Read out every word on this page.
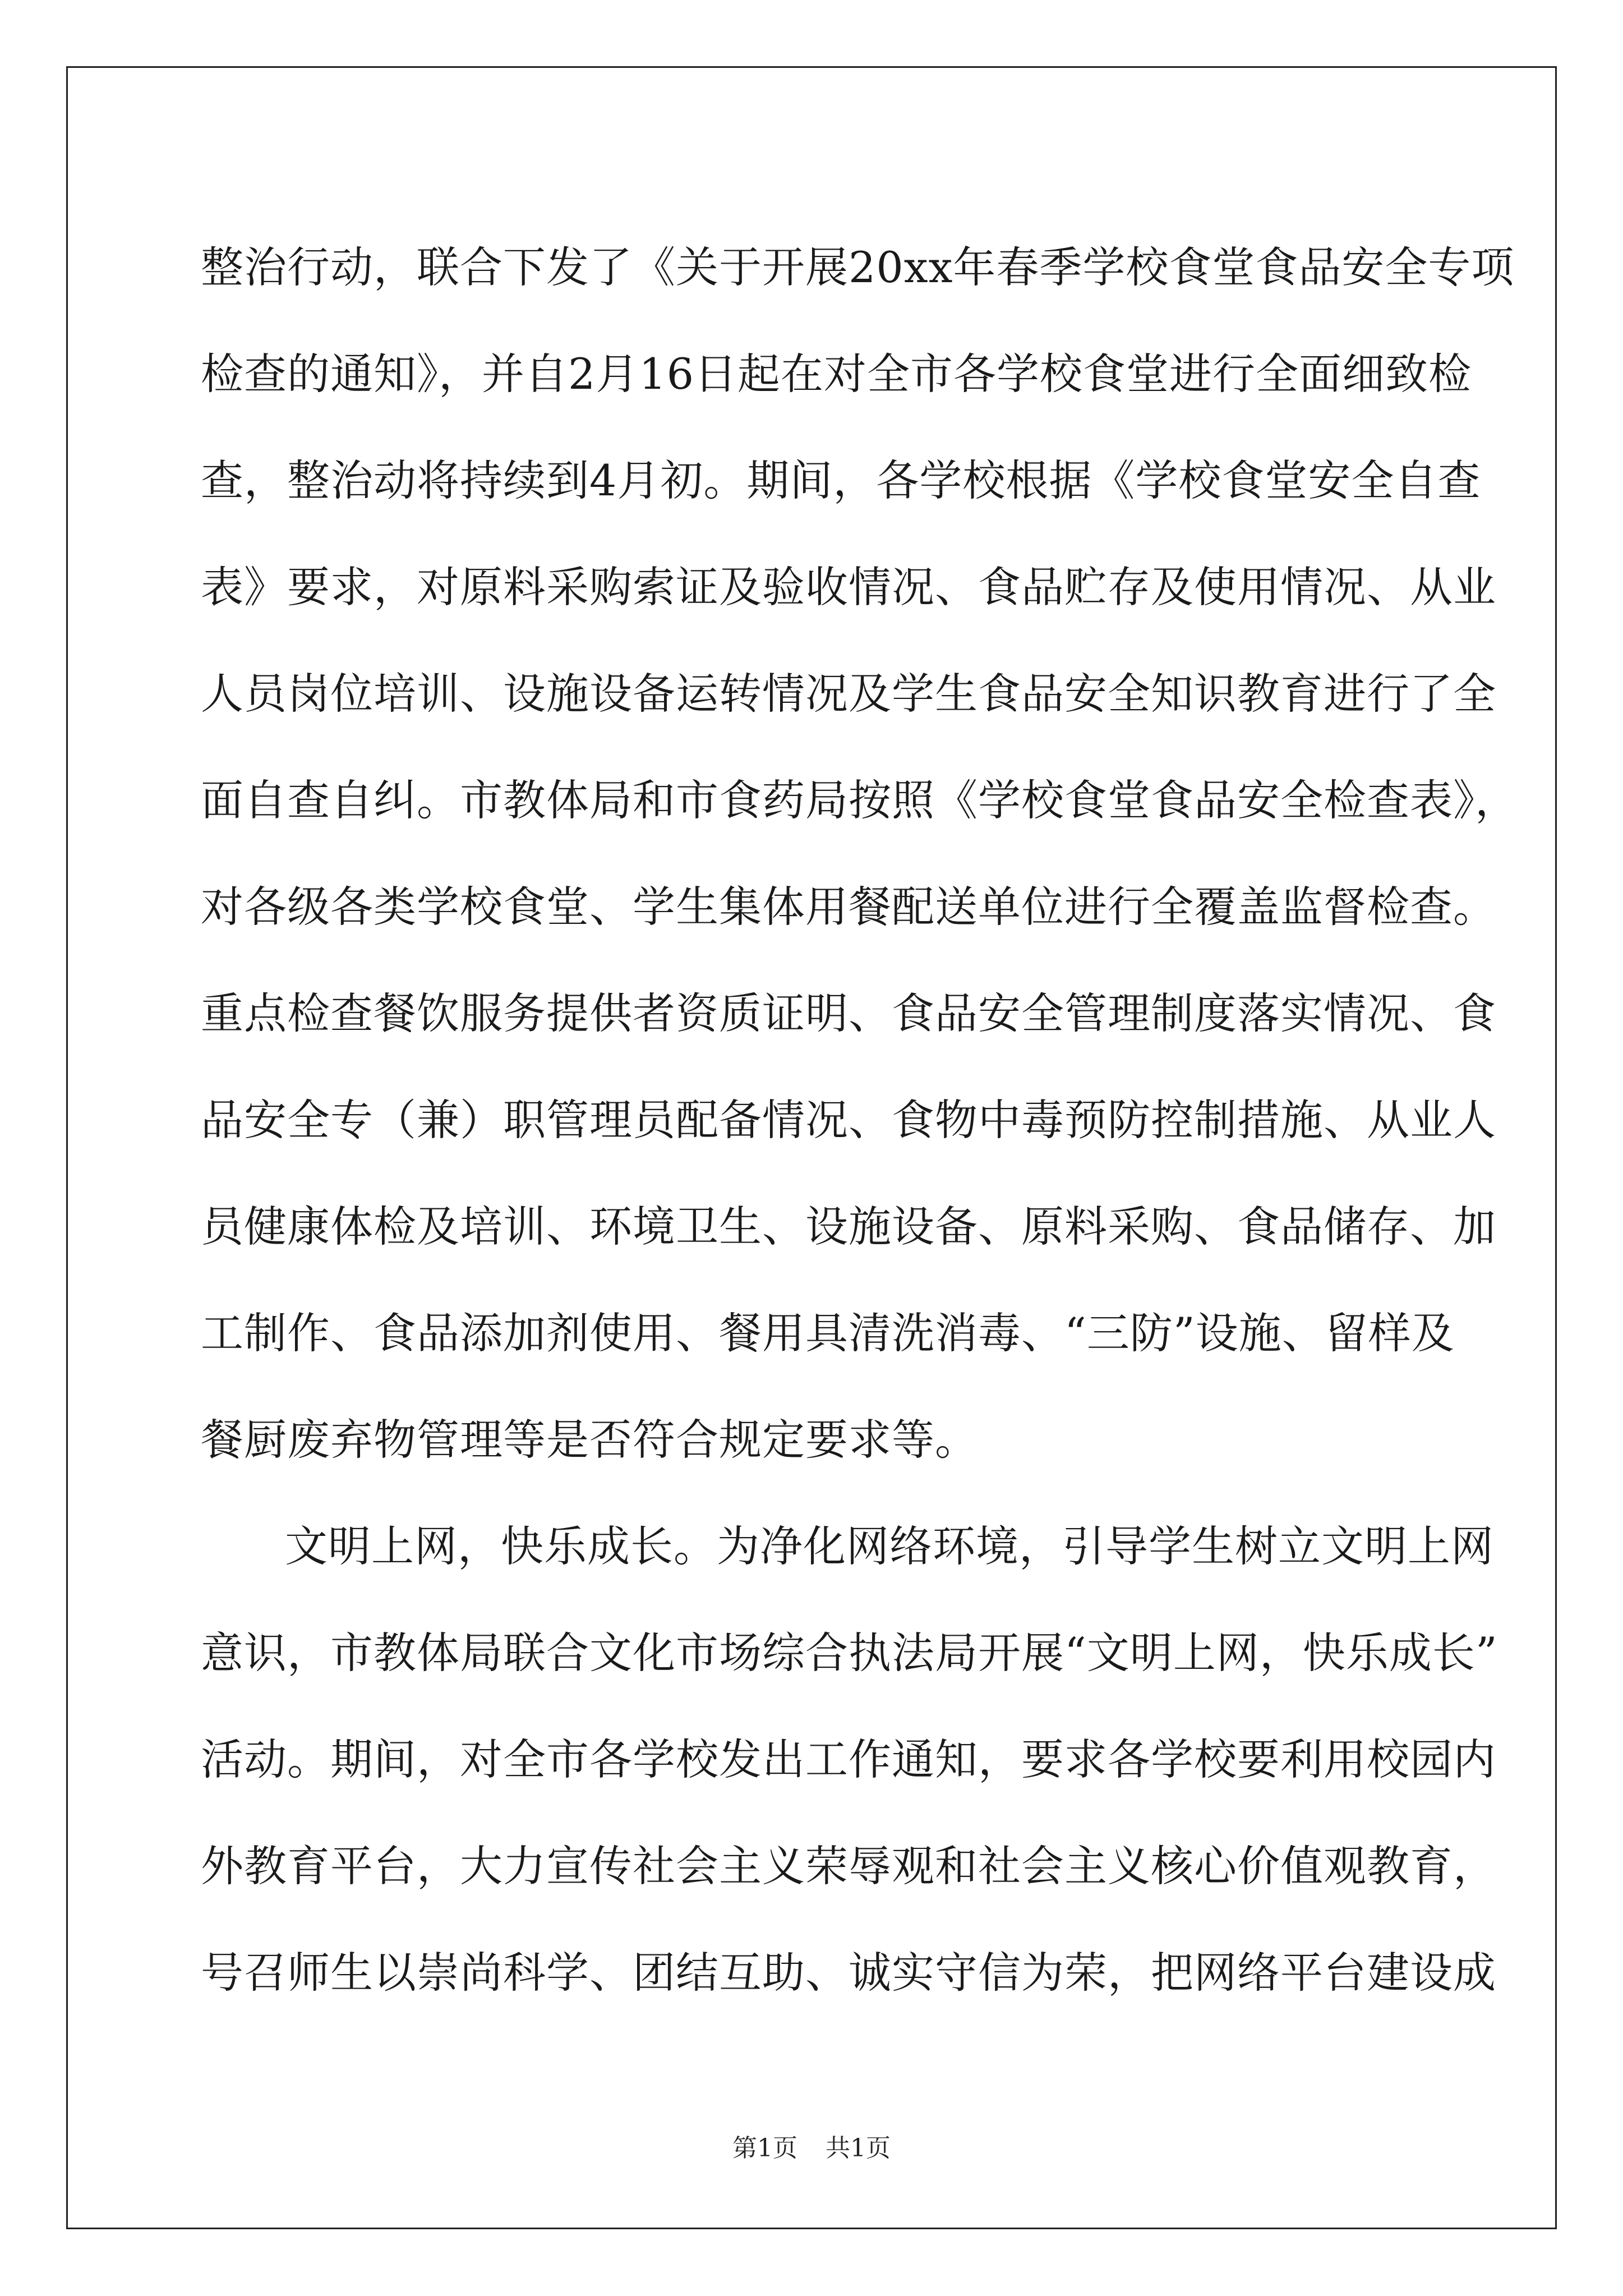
整治行动，联合下发了《关于开展20xx年春季学校食堂食品安全专项
检查的通知》，并自2月16日起在对全市各学校食堂进行全面细致检
查，整治动将持续到4月初。期间，各学校根据《学校食堂安全自查
表》要求，对原料采购索证及验收情况、食品贮存及使用情况、从业
人员岗位培训、设施设备运转情况及学生食品安全知识教育进行了全
面自查自纠。市教体局和市食药局按照《学校食堂食品安全检查表》，
对各级各类学校食堂、学生集体用餐配送单位进行全覆盖监督检查。
重点检查餐饮服务提供者资质证明、食品安全管理制度落实情况、食
品安全专（兼）职管理员配备情况、食物中毒预防控制措施、从业人
员健康体检及培训、环境卫生、设施设备、原料采购、食品储存、加
工制作、食品添加剂使用、餐用具清洗消毒、“三防”设施、留样及
餐厨废弃物管理等是否符合规定要求等。
文明上网，快乐成长。为净化网络环境，引导学生树立文明上网
意识，市教体局联合文化市场综合执法局开展“文明上网，快乐成长”
活动。期间，对全市各学校发出工作通知，要求各学校要利用校园内
外教育平台，大力宣传社会主义荣辱观和社会主义核心价值观教育，
号召师生以崇尚科学、团结互助、诚实守信为荣，把网络平台建设成
第1页 共1页
